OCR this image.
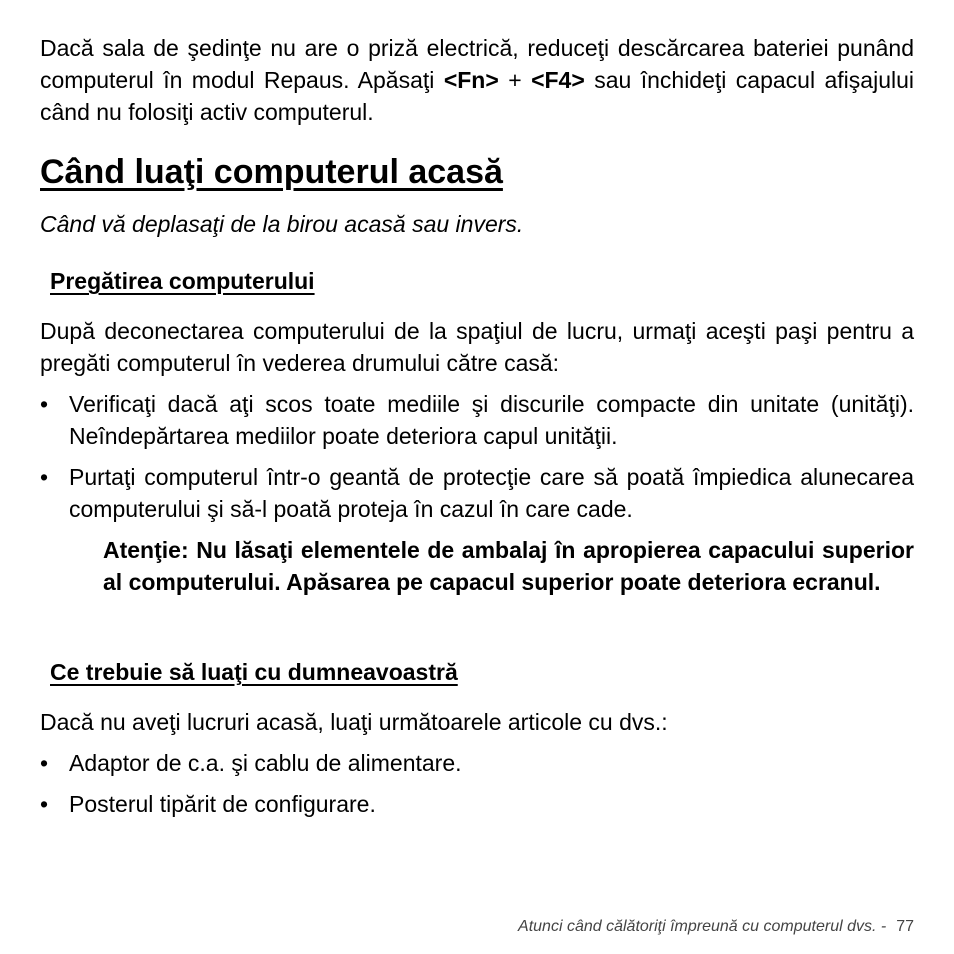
Dacă sala de şedinţe nu are o priză electrică, reduceţi descărcarea bateriei punând computerul în modul Repaus. Apăsaţi <Fn> + <F4> sau închideţi capacul afişajului când nu folosiţi activ computerul.

Când luaţi computerul acasă

Când vă deplasaţi de la birou acasă sau invers.

Pregătirea computerului

După deconectarea computerului de la spaţiul de lucru, urmaţi aceşti paşi pentru a pregăti computerul în vederea drumului către casă:

• Verificaţi dacă aţi scos toate mediile şi discurile compacte din unitate (unităţi). Neîndepărtarea mediilor poate deteriora capul unităţii.
• Purtaţi computerul într-o geantă de protecţie care să poată împiedica alunecarea computerului şi să-l poată proteja în cazul în care cade.

Atenţie: Nu lăsaţi elementele de ambalaj în apropierea capacului superior al computerului. Apăsarea pe capacul superior poate deteriora ecranul.

Ce trebuie să luaţi cu dumneavoastră

Dacă nu aveţi lucruri acasă, luaţi următoarele articole cu dvs.:

• Adaptor de c.a. şi cablu de alimentare.
• Posterul tipărit de configurare.
Atunci când călătoriţi împreună cu computerul dvs. - 77
